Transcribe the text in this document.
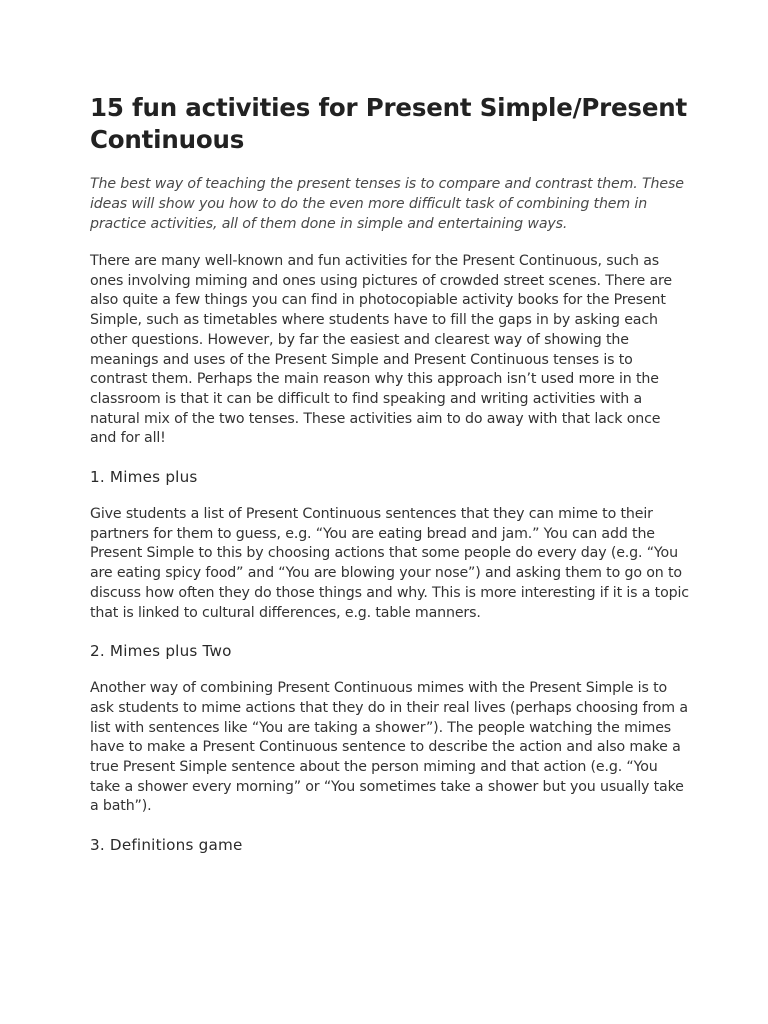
15 fun activities for Present Simple/Present Continuous

The best way of teaching the present tenses is to compare and contrast them. These ideas will show you how to do the even more difficult task of combining them in practice activities, all of them done in simple and entertaining ways.

There are many well-known and fun activities for the Present Continuous, such as ones involving miming and ones using pictures of crowded street scenes. There are also quite a few things you can find in photocopiable activity books for the Present Simple, such as timetables where students have to fill the gaps in by asking each other questions. However, by far the easiest and clearest way of showing the meanings and uses of the Present Simple and Present Continuous tenses is to contrast them. Perhaps the main reason why this approach isn’t used more in the classroom is that it can be difficult to find speaking and writing activities with a natural mix of the two tenses. These activities aim to do away with that lack once and for all!

1. Mimes plus

Give students a list of Present Continuous sentences that they can mime to their partners for them to guess, e.g. “You are eating bread and jam.” You can add the Present Simple to this by choosing actions that some people do every day (e.g. “You are eating spicy food” and “You are blowing your nose”) and asking them to go on to discuss how often they do those things and why. This is more interesting if it is a topic that is linked to cultural differences, e.g. table manners.

2. Mimes plus Two

Another way of combining Present Continuous mimes with the Present Simple is to ask students to mime actions that they do in their real lives (perhaps choosing from a list with sentences like “You are taking a shower”). The people watching the mimes have to make a Present Continuous sentence to describe the action and also make a true Present Simple sentence about the person miming and that action (e.g. “You take a shower every morning” or “You sometimes take a shower but you usually take a bath”).

3. Definitions game
